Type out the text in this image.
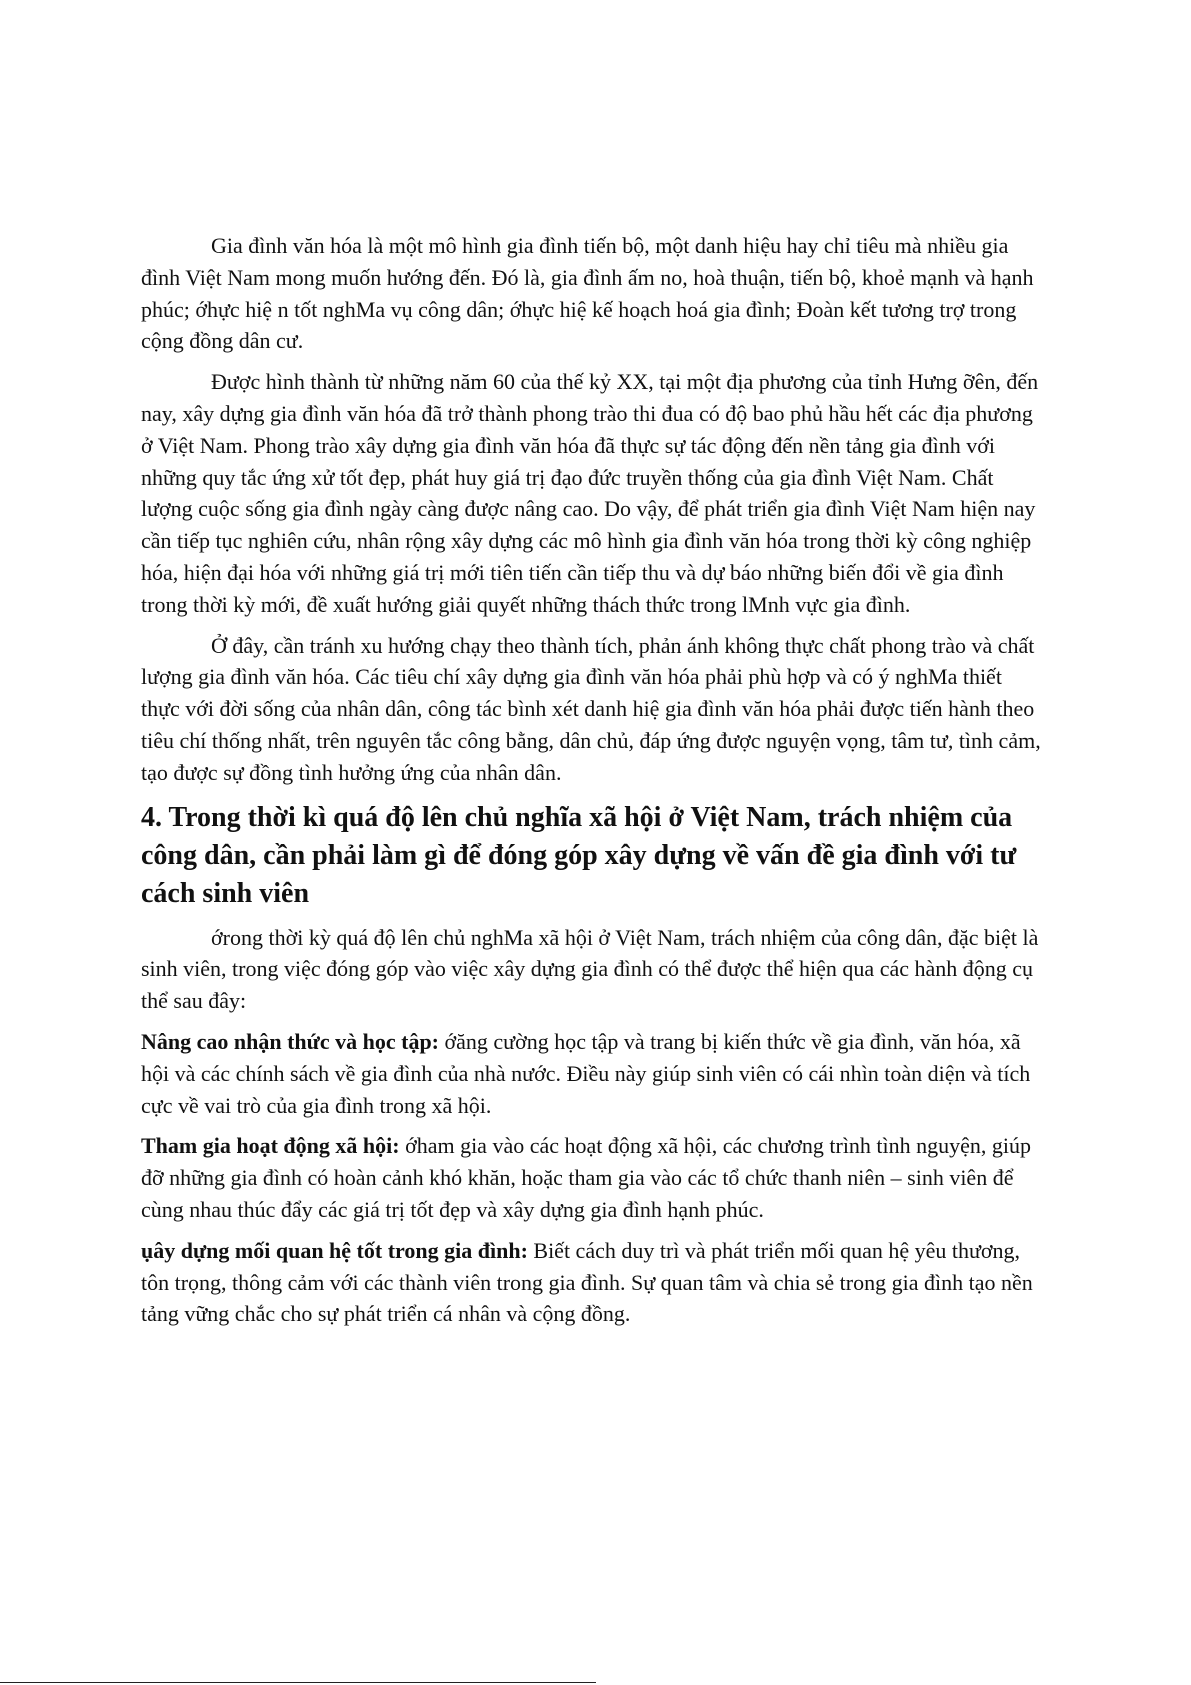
Gia đình văn hóa là một mô hình gia đình tiến bộ, một danh hiệu hay chỉ tiêu mà nhiều gia đình Việt Nam mong muốn hướng đến. Đó là, gia đình ấm no, hoà thuận, tiến bộ, khoẻ mạnh và hạnh phúc; ớhực hiệ n tốt nghMa vụ công dân; ớhực hiệ kế hoạch hoá gia đình; Đoàn kết tương trợ trong cộng đồng dân cư.

Được hình thành từ những năm 60 của thế kỷ XX, tại một địa phương của tỉnh Hưng ỡên, đến nay, xây dựng gia đình văn hóa đã trở thành phong trào thi đua có độ bao phủ hầu hết các địa phương ở Việt Nam. Phong trào xây dựng gia đình văn hóa đã thực sự tác động đến nền tảng gia đình với những quy tắc ứng xử tốt đẹp, phát huy giá trị đạo đức truyền thống của gia đình Việt Nam. Chất lượng cuộc sống gia đình ngày càng được nâng cao. Do vậy, để phát triển gia đình Việt Nam hiện nay cần tiếp tục nghiên cứu, nhân rộng xây dựng các mô hình gia đình văn hóa trong thời kỳ công nghiệp hóa, hiện đại hóa với những giá trị mới tiên tiến cần tiếp thu và dự báo những biến đổi về gia đình trong thời kỳ mới, đề xuất hướng giải quyết những thách thức trong lMnh vực gia đình.

Ở đây, cần tránh xu hướng chạy theo thành tích, phản ánh không thực chất phong trào và chất lượng gia đình văn hóa. Các tiêu chí xây dựng gia đình văn hóa phải phù hợp và có ý nghMa thiết thực với đời sống của nhân dân, công tác bình xét danh hiệ gia đình văn hóa phải được tiến hành theo tiêu chí thống nhất, trên nguyên tắc công bằng, dân chủ, đáp ứng được nguyện vọng, tâm tư, tình cảm, tạo được sự đồng tình hưởng ứng của nhân dân.

4. Trong thời kì quá độ lên chủ nghĩa xã hội ở Việt Nam, trách nhiệm của công dân, cần phải làm gì để đóng góp xây dựng về vấn đề gia đình với tư cách sinh viên

ớrong thời kỳ quá độ lên chủ nghMa xã hội ở Việt Nam, trách nhiệm của công dân, đặc biệt là sinh viên, trong việc đóng góp vào việc xây dựng gia đình có thể được thể hiện qua các hành động cụ thể sau đây:

Nâng cao nhận thức và học tập: ớăng cường học tập và trang bị kiến thức về gia đình, văn hóa, xã hội và các chính sách về gia đình của nhà nước. Điều này giúp sinh viên có cái nhìn toàn diện và tích cực về vai trò của gia đình trong xã hội.

Tham gia hoạt động xã hội: ớham gia vào các hoạt động xã hội, các chương trình tình nguyện, giúp đỡ những gia đình có hoàn cảnh khó khăn, hoặc tham gia vào các tổ chức thanh niên – sinh viên để cùng nhau thúc đẩy các giá trị tốt đẹp và xây dựng gia đình hạnh phúc.

ụây dựng mối quan hệ tốt trong gia đình: Biết cách duy trì và phát triển mối quan hệ yêu thương, tôn trọng, thông cảm với các thành viên trong gia đình. Sự quan tâm và chia sẻ trong gia đình tạo nền tảng vững chắc cho sự phát triển cá nhân và cộng đồng.
